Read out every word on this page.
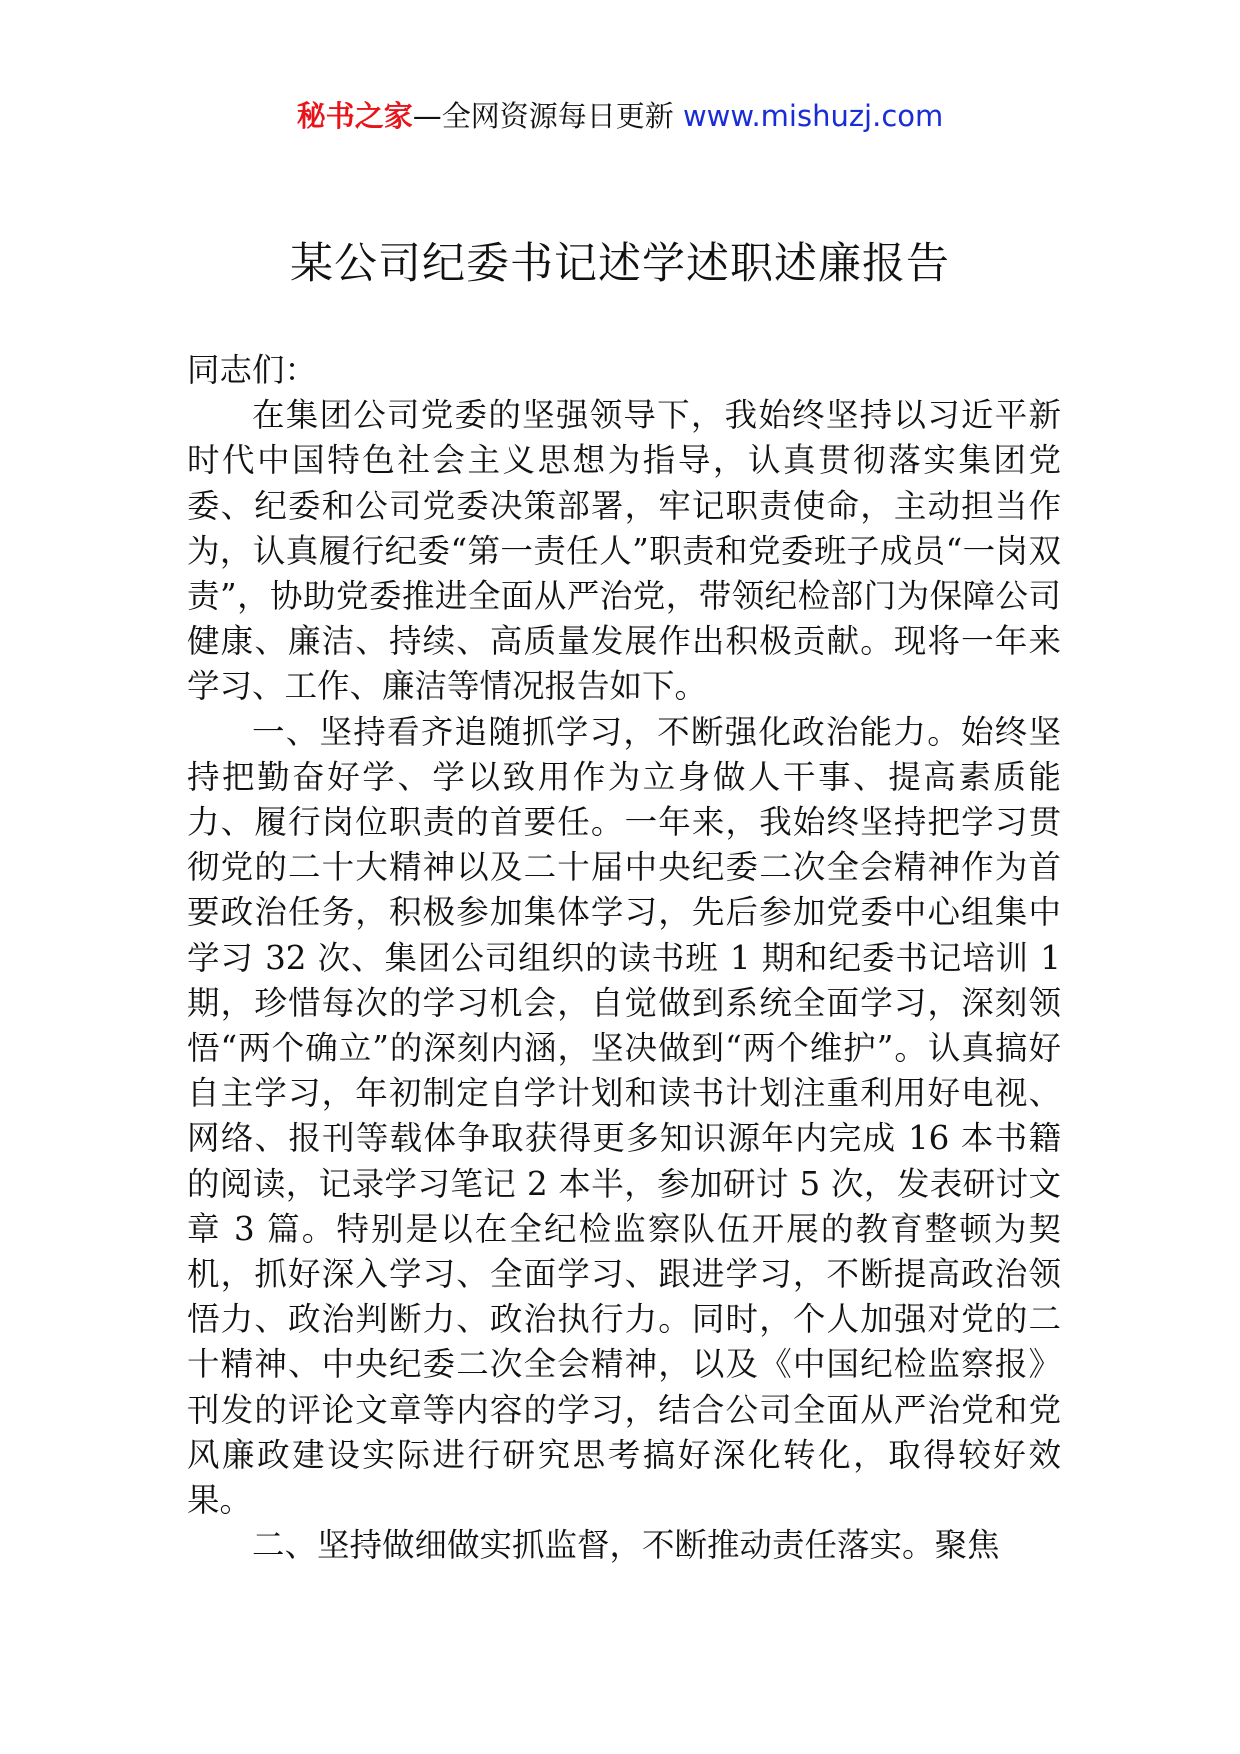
秘书之家—全网资源每日更新 www.mishuzj.com
某公司纪委书记述学述职述廉报告

同志们：

在集团公司党委的坚强领导下，我始终坚持以习近平新时代中国特色社会主义思想为指导，认真贯彻落实集团党委、纪委和公司党委决策部署，牢记职责使命，主动担当作为，认真履行纪委“第一责任人”职责和党委班子成员“一岗双责”，协助党委推进全面从严治党，带领纪检部门为保障公司健康、廉洁、持续、高质量发展作出积极贡献。现将一年来学习、工作、廉洁等情况报告如下。

一、坚持看齐追随抓学习，不断强化政治能力。始终坚持把勤奋好学、学以致用作为立身做人干事、提高素质能力、履行岗位职责的首要任。一年来，我始终坚持把学习贯彻党的二十大精神以及二十届中央纪委二次全会精神作为首要政治任务，积极参加集体学习，先后参加党委中心组集中学习 32 次、集团公司组织的读书班 1 期和纪委书记培训 1 期，珍惜每次的学习机会，自觉做到系统全面学习，深刻领悟“两个确立”的深刻内涵，坚决做到“两个维护”。认真搞好自主学习，年初制定自学计划和读书计划注重利用好电视、网络、报刊等载体争取获得更多知识源年内完成 16 本书籍的阅读，记录学习笔记 2 本半，参加研讨 5 次，发表研讨文章 3 篇。特别是以在全纪检监察队伍开展的教育整顿为契机，抓好深入学习、全面学习、跟进学习，不断提高政治领悟力、政治判断力、政治执行力。同时，个人加强对党的二十精神、中央纪委二次全会精神，以及《中国纪检监察报》刊发的评论文章等内容的学习，结合公司全面从严治党和党风廉政建设实际进行研究思考搞好深化转化，取得较好效果。

二、坚持做细做实抓监督，不断推动责任落实。聚焦
